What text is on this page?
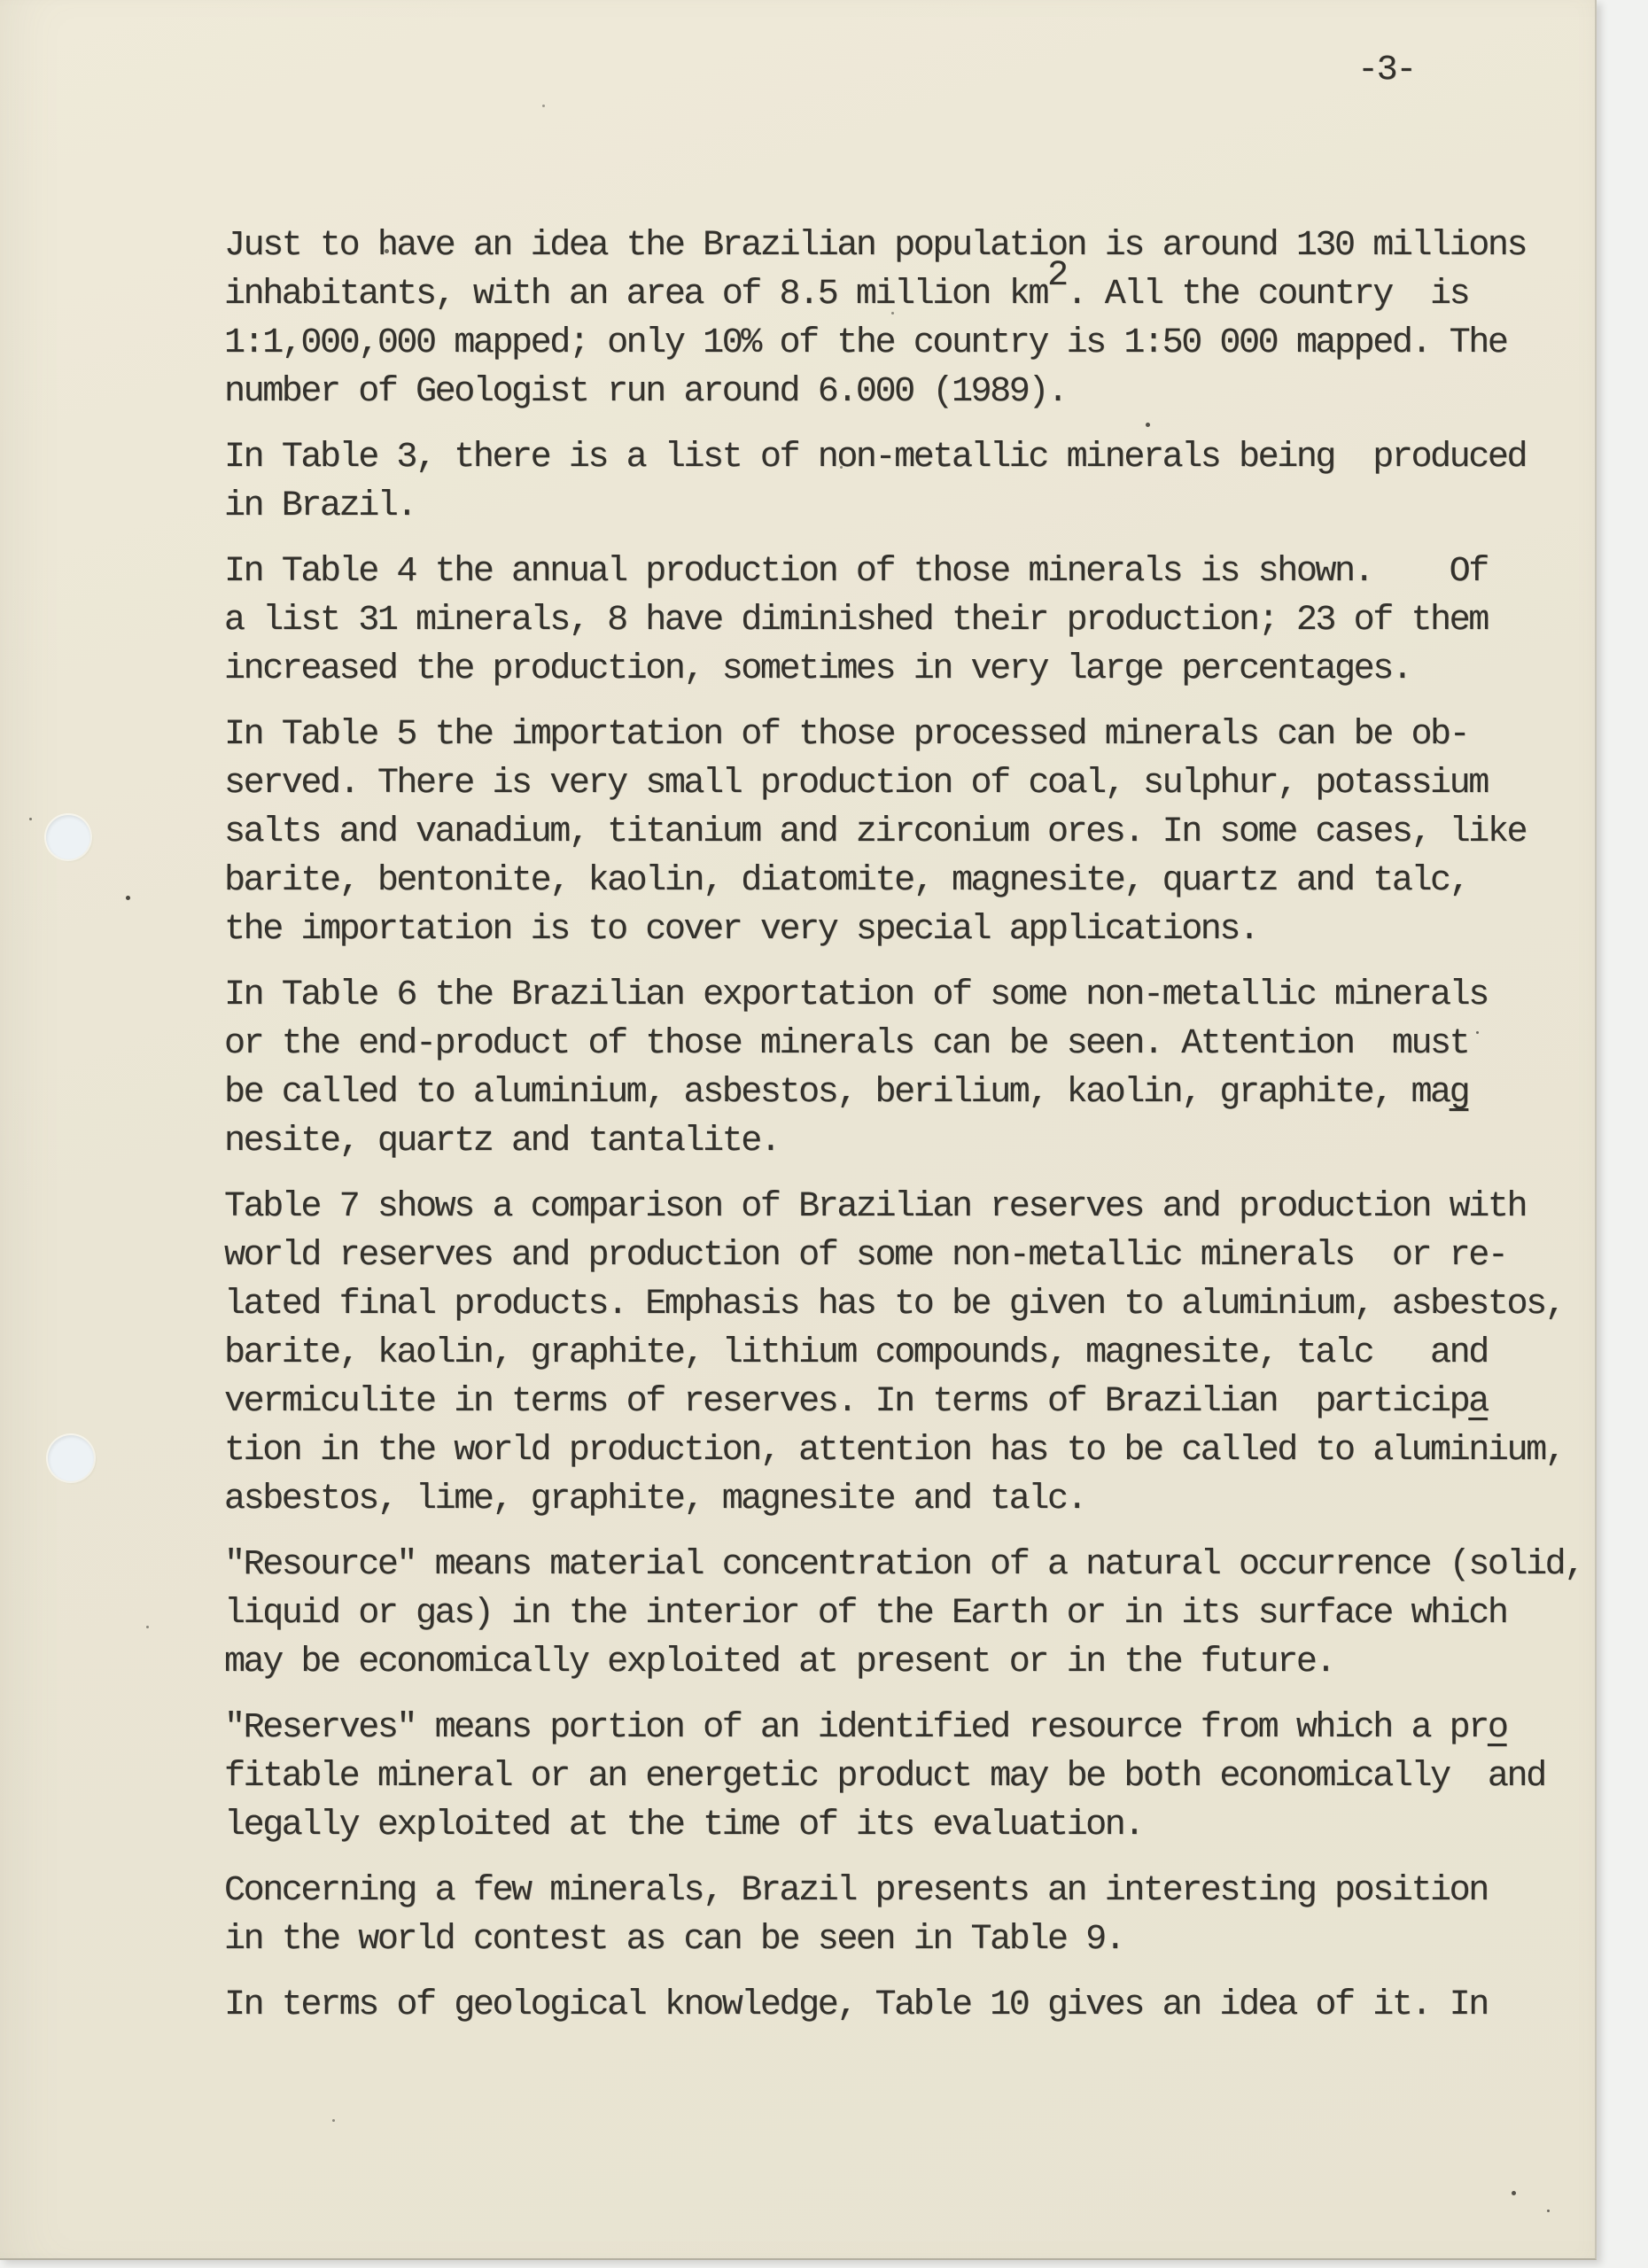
-3-

Just to have an idea the Brazilian population is around 130 millions
inhabitants, with an area of 8.5 million km2. All the country  is
1:1,000,000 mapped; only 10% of the country is 1:50 000 mapped. The
number of Geologist run around 6.000 (1989).

In Table 3, there is a list of non-metallic minerals being  produced
in Brazil.

In Table 4 the annual production of those minerals is shown.    Of
a list 31 minerals, 8 have diminished their production; 23 of them
increased the production, sometimes in very large percentages.

In Table 5 the importation of those processed minerals can be ob-
served. There is very small production of coal, sulphur, potassium
salts and vanadium, titanium and zirconium ores. In some cases, like
barite, bentonite, kaolin, diatomite, magnesite, quartz and talc,
the importation is to cover very special applications.

In Table 6 the Brazilian exportation of some non-metallic minerals
or the end-product of those minerals can be seen. Attention  must
be called to aluminium, asbestos, berilium, kaolin, graphite, mag
nesite, quartz and tantalite.

Table 7 shows a comparison of Brazilian reserves and production with
world reserves and production of some non-metallic minerals  or re-
lated final products. Emphasis has to be given to aluminium, asbestos,
barite, kaolin, graphite, lithium compounds, magnesite, talc   and
vermiculite in terms of reserves. In terms of Brazilian  participa
tion in the world production, attention has to be called to aluminium,
asbestos, lime, graphite, magnesite and talc.

"Resource" means material concentration of a natural occurrence (solid,
liquid or gas) in the interior of the Earth or in its surface which
may be economically exploited at present or in the future.

"Reserves" means portion of an identified resource from which a pro
fitable mineral or an energetic product may be both economically  and
legally exploited at the time of its evaluation.

Concerning a few minerals, Brazil presents an interesting position
in the world contest as can be seen in Table 9.

In terms of geological knowledge, Table 10 gives an idea of it. In
